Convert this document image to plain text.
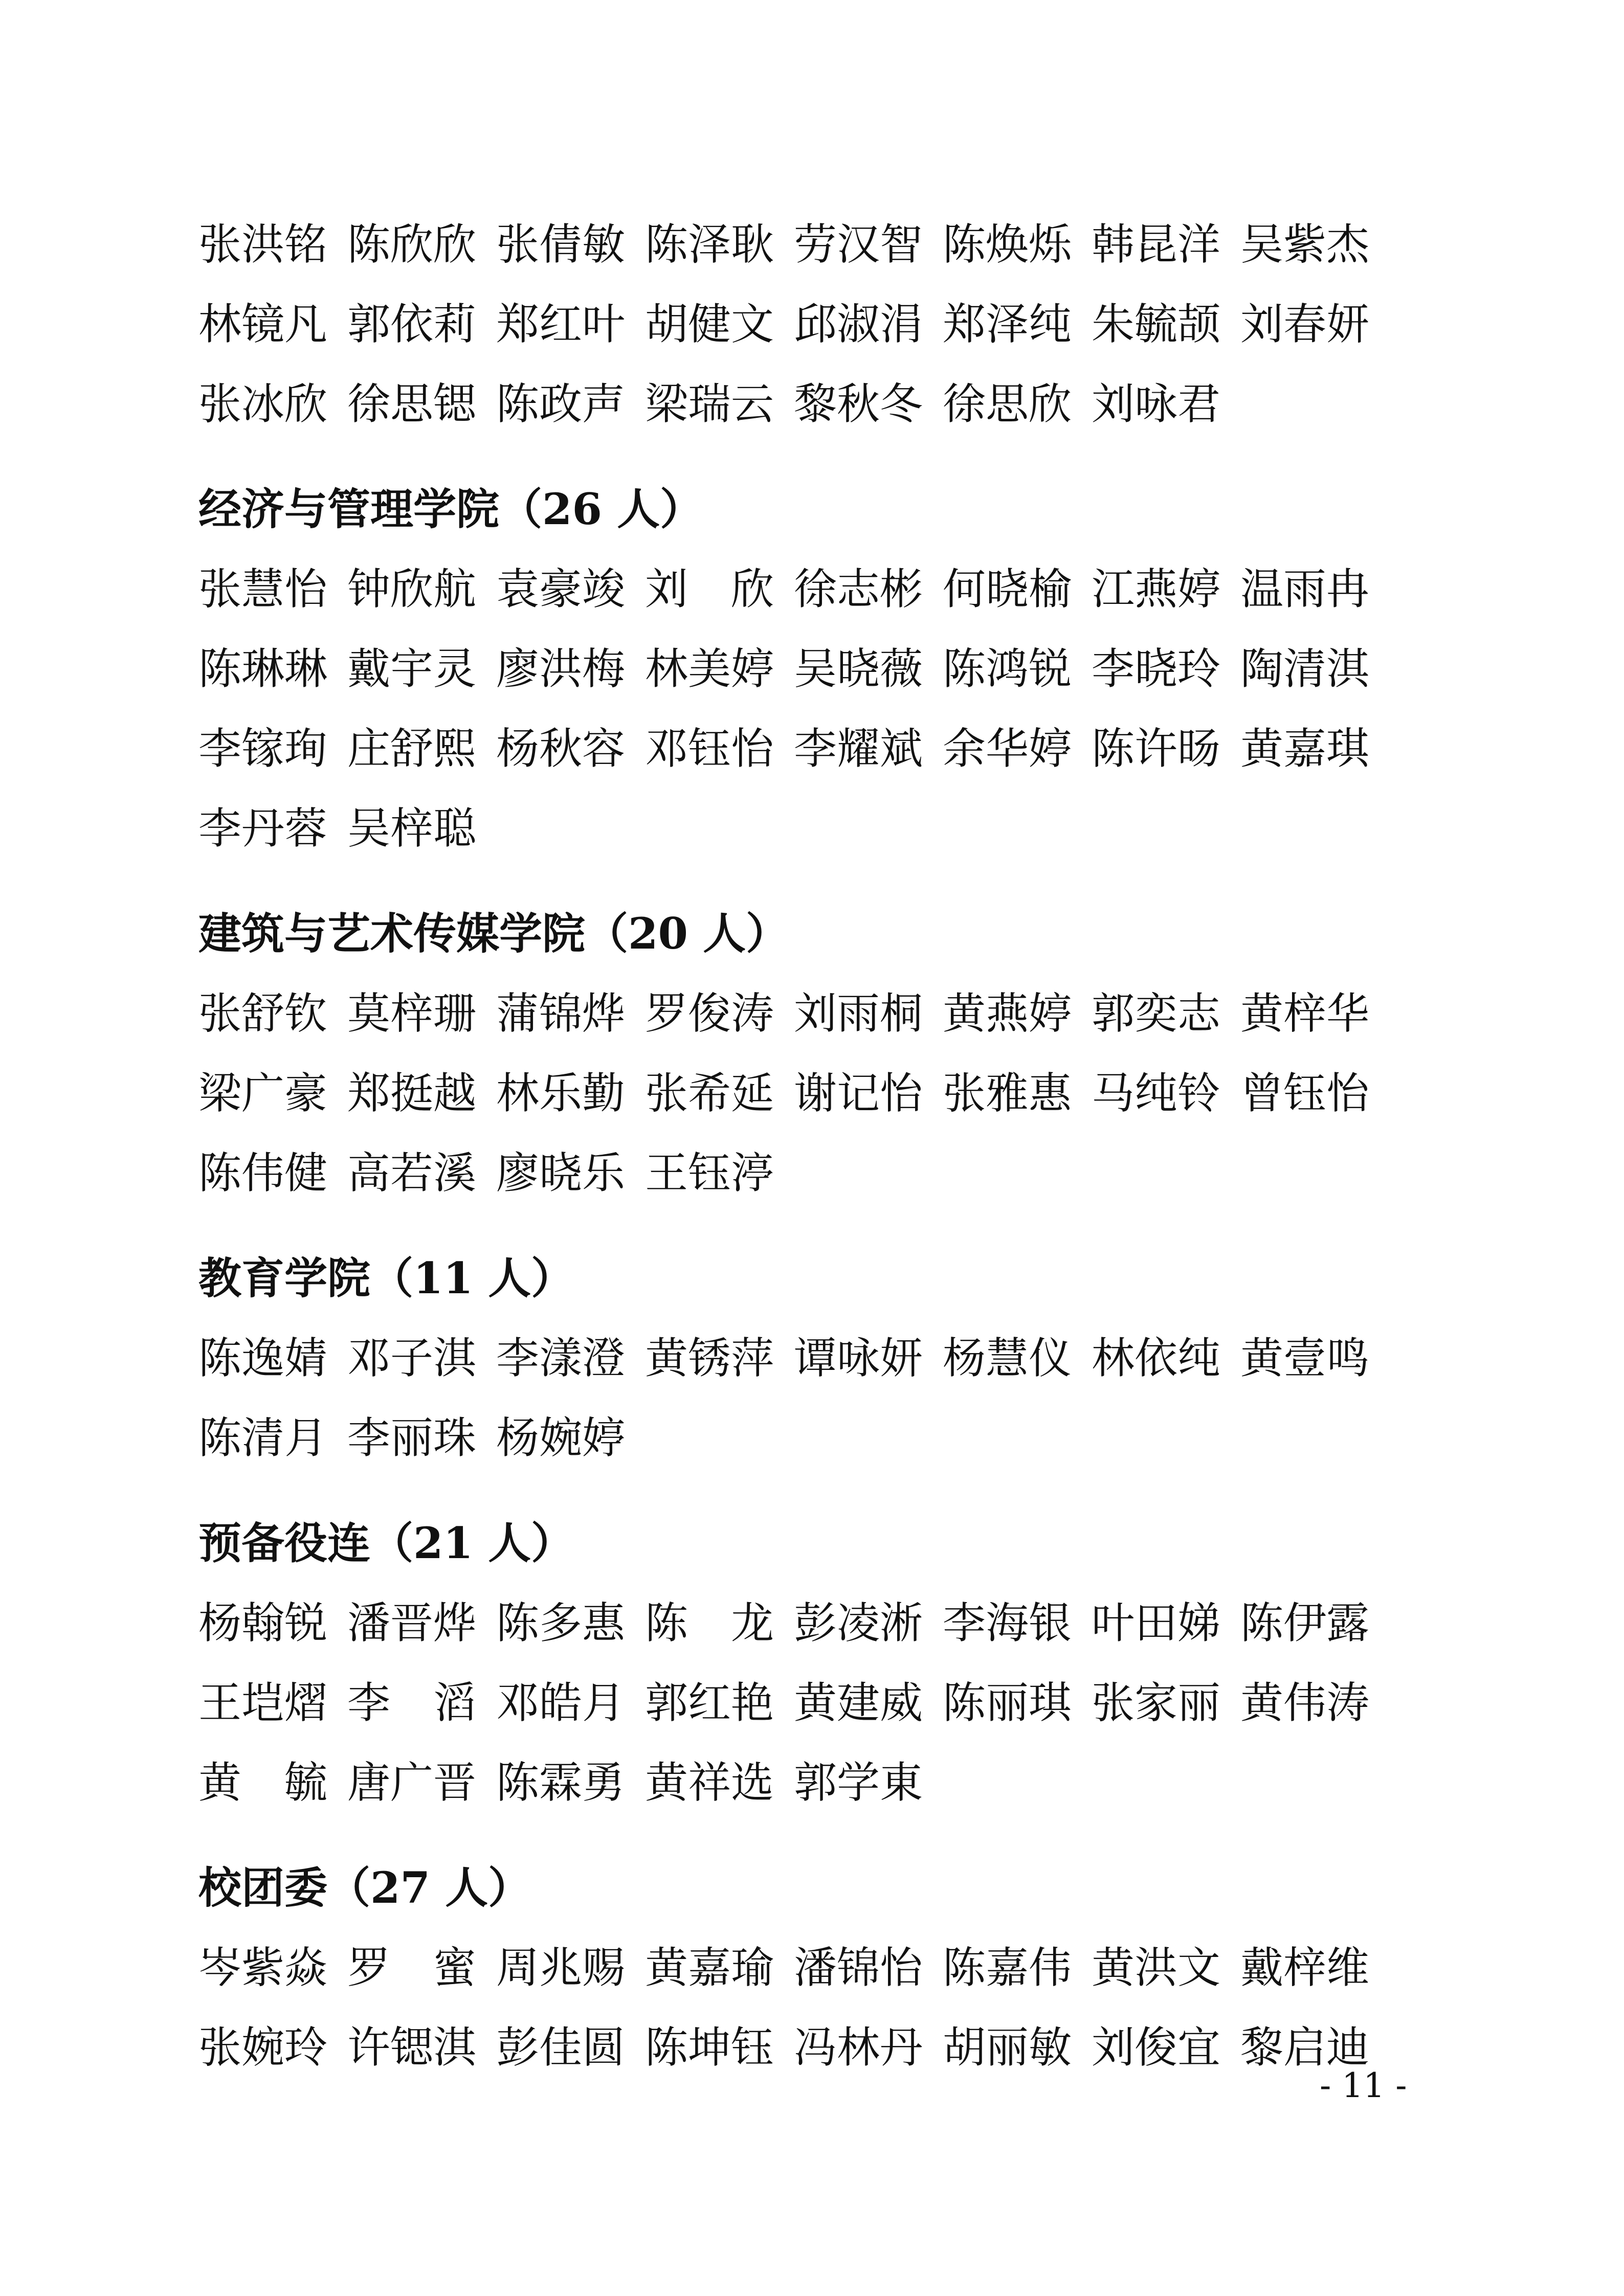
张洪铭 陈欣欣 张倩敏 陈泽耿 劳汉智 陈焕烁 韩昆洋 吴紫杰
林镜凡 郭依莉 郑红叶 胡健文 邱淑涓 郑泽纯 朱毓颉 刘春妍
张冰欣 徐思锶 陈政声 梁瑞云 黎秋冬 徐思欣 刘咏君
经济与管理学院（26 人）
张慧怡 钟欣航 袁豪竣 刘　欣 徐志彬 何晓榆 江燕婷 温雨冉
陈琳琳 戴宇灵 廖洪梅 林美婷 吴晓薇 陈鸿锐 李晓玲 陶清淇
李镓珣 庄舒熙 杨秋容 邓钰怡 李耀斌 余华婷 陈许旸 黄嘉琪
李丹蓉 吴梓聪
建筑与艺术传媒学院（20 人）
张舒钦 莫梓珊 蒲锦烨 罗俊涛 刘雨桐 黄燕婷 郭奕志 黄梓华
梁广豪 郑挺越 林乐勤 张希延 谢记怡 张雅惠 马纯铃 曾钰怡
陈伟健 高若溪 廖晓乐 王钰渟
教育学院（11 人）
陈逸婧 邓子淇 李漾澄 黄锈萍 谭咏妍 杨慧仪 林依纯 黄壹鸣
陈清月 李丽珠 杨婉婷
预备役连（21 人）
杨翰锐 潘晋烨 陈多惠 陈　龙 彭凌淅 李海银 叶田娣 陈伊露
王垲熠 李　滔 邓皓月 郭红艳 黄建威 陈丽琪 张家丽 黄伟涛
黄　毓 唐广晋 陈霖勇 黄祥选 郭学東
校团委（27 人）
岑紫焱 罗　蜜 周兆赐 黄嘉瑜 潘锦怡 陈嘉伟 黄洪文 戴梓维
张婉玲 许锶淇 彭佳圆 陈坤钰 冯林丹 胡丽敏 刘俊宜 黎启迪
- 11 -
